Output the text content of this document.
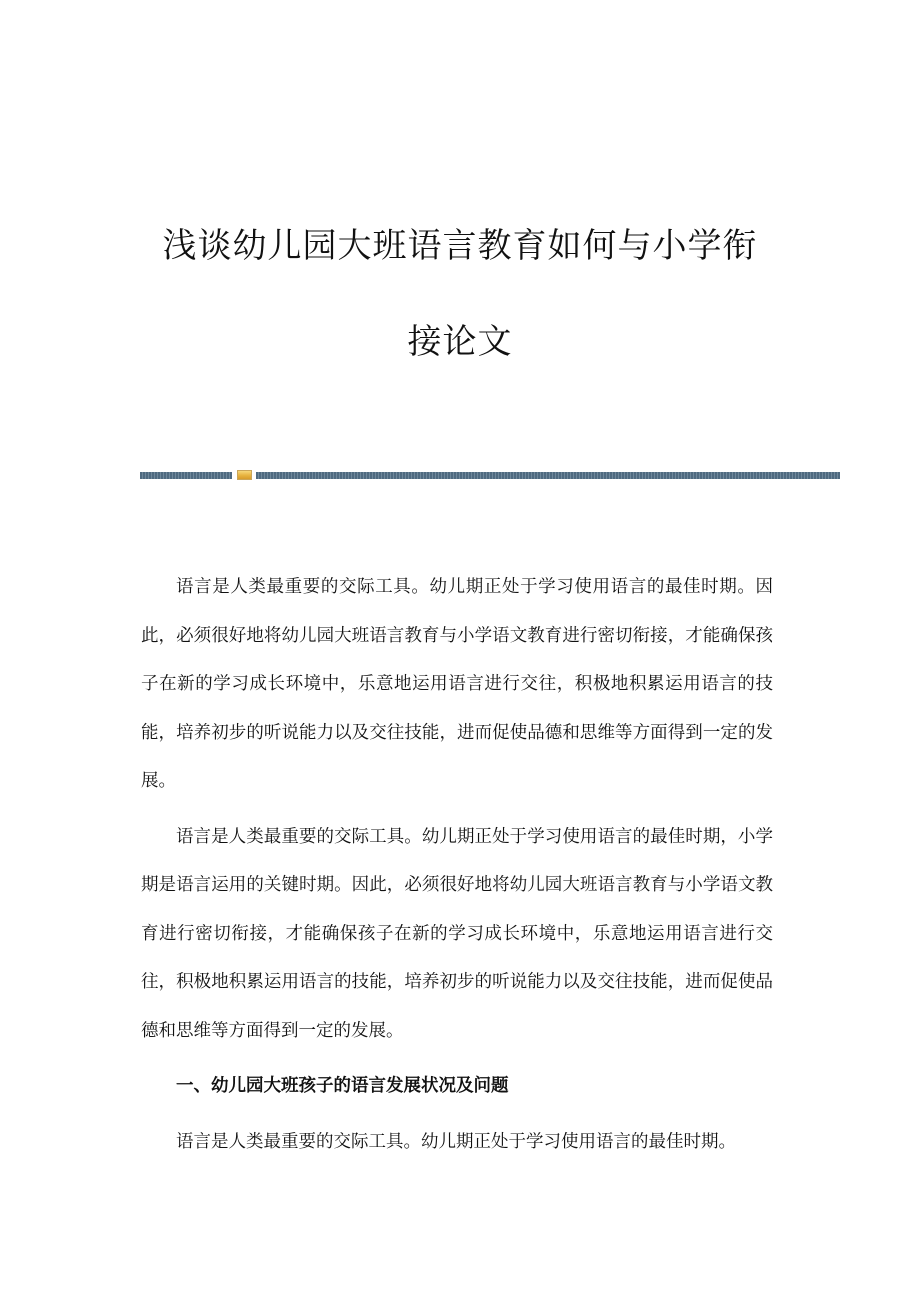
浅谈幼儿园大班语言教育如何与小学衔
接论文

语言是人类最重要的交际工具。幼儿期正处于学习使用语言的最佳时期。因此，必须很好地将幼儿园大班语言教育与小学语文教育进行密切衔接，才能确保孩子在新的学习成长环境中，乐意地运用语言进行交往，积极地积累运用语言的技能，培养初步的听说能力以及交往技能，进而促使品德和思维等方面得到一定的发展。

语言是人类最重要的交际工具。幼儿期正处于学习使用语言的最佳时期，小学期是语言运用的关键时期。因此，必须很好地将幼儿园大班语言教育与小学语文教育进行密切衔接，才能确保孩子在新的学习成长环境中，乐意地运用语言进行交往，积极地积累运用语言的技能，培养初步的听说能力以及交往技能，进而促使品德和思维等方面得到一定的发展。

一、幼儿园大班孩子的语言发展状况及问题

语言是人类最重要的交际工具。幼儿期正处于学习使用语言的最佳时期。
